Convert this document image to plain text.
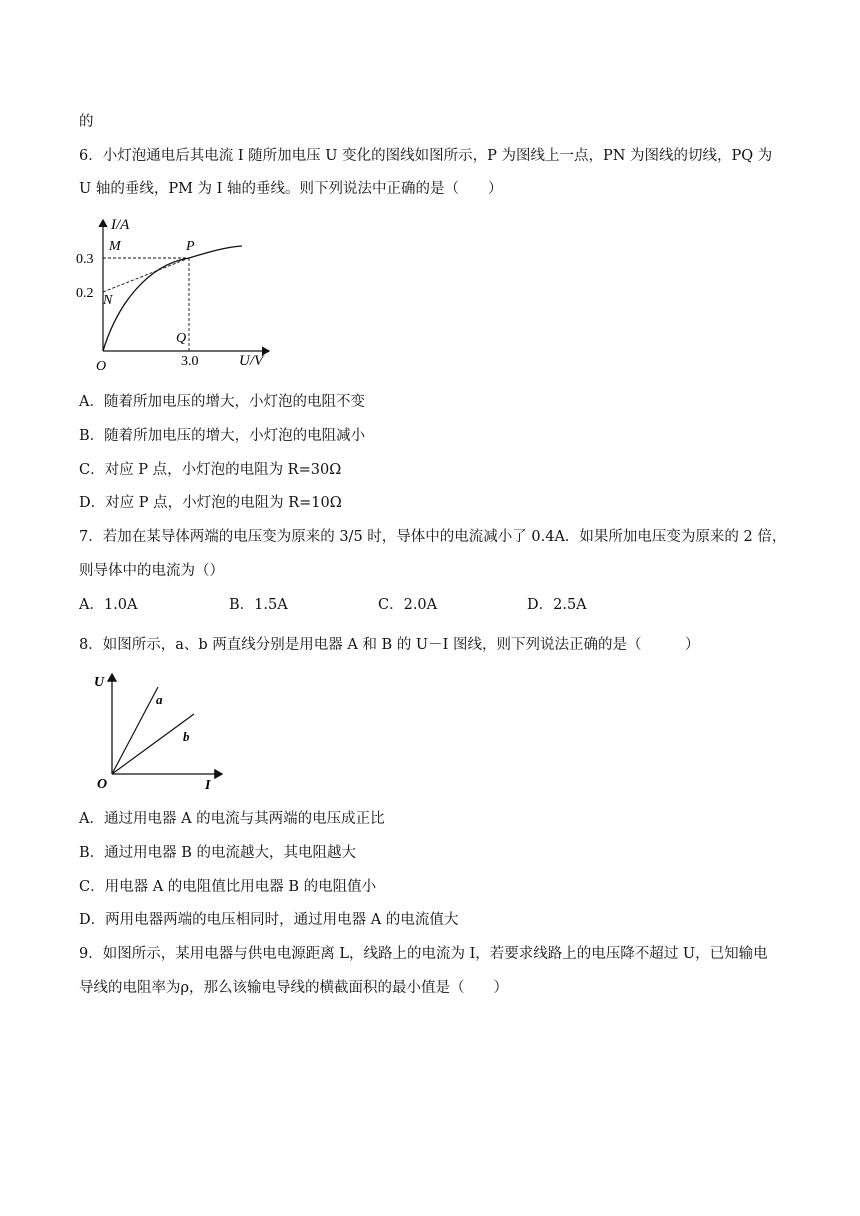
的
6．小灯泡通电后其电流 I 随所加电压 U 变化的图线如图所示，P 为图线上一点，PN 为图线的切线，PQ 为
U 轴的垂线，PM 为 I 轴的垂线。则下列说法中正确的是（　　）
I/A
M	P
0.3
0.2 N
Q
O	3.0	U/V
A．随着所加电压的增大，小灯泡的电阻不变
B．随着所加电压的增大，小灯泡的电阻减小
C．对应 P 点，小灯泡的电阻为 R=30Ω
D．对应 P 点，小灯泡的电阻为 R=10Ω
7．若加在某导体两端的电压变为原来的 3/5 时，导体中的电流减小了 0.4A．如果所加电压变为原来的 2 倍，
则导体中的电流为（）
A．1.0A	B．1.5A	C．2.0A	D．2.5A
8．如图所示，a、b 两直线分别是用电器 A 和 B 的 U－I 图线，则下列说法正确的是（　　　）
U
a
b
O	I
A．通过用电器 A 的电流与其两端的电压成正比
B．通过用电器 B 的电流越大，其电阻越大
C．用电器 A 的电阻值比用电器 B 的电阻值小
D．两用电器两端的电压相同时，通过用电器 A 的电流值大
9．如图所示，某用电器与供电电源距离 L，线路上的电流为 I，若要求线路上的电压降不超过 U，已知输电
导线的电阻率为ρ，那么该输电导线的横截面积的最小值是（　　）
